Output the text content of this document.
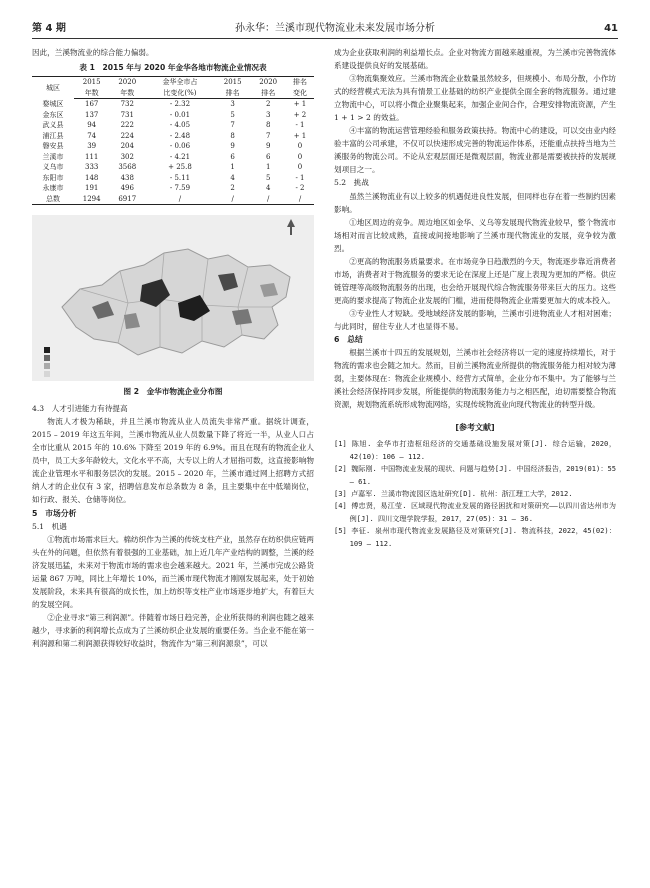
第 4 期	孙永华：兰溪市现代物流业未来发展市场分析	41

因此，兰溪物流业的综合能力偏弱。

表 1　2015 年与 2020 年金华各地市物流企业情况表
城区	2015	2020	金华全市占	2015	2020	排名
	年数	年数	比变化(%)	排名	排名	变化
婺城区	167	732	- 2.32	3	2	+ 1
金东区	137	731	- 0.01	5	3	+ 2
武义县	94	222	- 4.05	7	8	- 1
浦江县	74	224	- 2.48	8	7	+ 1
磐安县	39	204	- 0.06	9	9	0
兰溪市	111	302	- 4.21	6	6	0
义乌市	333	3568	+ 25.8	1	1	0
东阳市	148	438	- 5.11	4	5	- 1
永康市	191	496	- 7.59	2	4	- 2
总数	1294	6917	/	/	/	/
图 2　金华市物流企业分布图
4.3　人才引进能力有待提高

物流人才极为稀缺，并且兰溪市物流从业人员流失非常严重。据统计调查，2015 – 2019 年这五年间，兰溪市物流从业人员数量下降了将近一半，从业人口占全市比重从 2015 年的 10.6% 下降至 2019 年的 6.9%。而且在现有的物流企业人员中，员工大多年龄较大，文化水平不高，大专以上的人才屈指可数，这直接影响物流企业管理水平和服务层次的发展。2015 – 2020 年，兰溪市通过网上招聘方式招纳人才的企业仅有 3 家，招聘信息发布总条数为 8 条，且主要集中在中低端岗位，如行政、报关、仓储等岗位。

5　市场分析
5.1　机遇

①物流市场需求巨大。棉纺织作为兰溪的传统支柱产业，虽然存在纺织供应链两头在外的问题，但依然有着很强的工业基础，加上近几年产业结构的调整，兰溪的经济发展迅猛，未来对于物流市场的需求也会越来越大。2021 年，兰溪市完成公路货运量 867 万吨，同比上年增长 10%，而兰溪市现代物流才刚刚发展起来，处于初始发展阶段，未来具有很高的成长性，加上纺织等支柱产业市场逐步地扩大，有着巨大的发展空间。

②企业寻求“第三利润源”。伴随着市场日趋完善，企业所获得的利润也随之越来越少，寻求新的利润增长点成为了兰溪纺织企业发展的重要任务。当企业不能在第一利润源和第二利润源获得较好收益时，物流作为“第三利润源泉”，可以

成为企业获取利润的利益增长点。企业对物流方面越来越重视，为兰溪市完善物流体系建设提供良好的发展基础。

③物流集聚效应。兰溪市物流企业数量虽然较多，但规模小、布局分散，小作坊式的经营模式无法为具有情景工业基础的纺织产业提供全面全套的物流服务。通过建立物流中心，可以将小微企业聚集起来，加强企业间合作，合理安排物流资源，产生 1 + 1 > 2 的效益。

④丰富的物流运营管理经验和服务政策扶持。物流中心的建设，可以交由业内经验丰富的公司承建，不仅可以快速形成完善的物流运作体系，还能重点扶持当地为兰溪服务的物流公司。不论从宏观层面还是微观层面，物流业都是需要被扶持的发展规划项目之一。

5.2　挑战

虽然兰溪物流业有以上较多的机遇促进良性发展，但同样也存在着一些制约因素影响。

①地区周边的竞争。周边地区如金华、义乌等发展现代物流业较早，整个物流市场相对而言比较成熟，直接或间接地影响了兰溪市现代物流业的发展，竞争较为激烈。

②更高的物流服务质量要求。在市场竞争日趋激烈的今天，物流逐步靠近消费者市场，消费者对于物流服务的要求无论在深度上还是广度上表现为更加的严格。供应链管理等高级物流服务的出现，也会给开展现代综合物流服务带来巨大的压力。这些更高的要求提高了物流企业发展的门槛，进而使得物流企业需要更加大的成本投入。

③专业性人才短缺。受地域经济发展的影响，兰溪市引进物流业人才相对困难；与此同时，留住专业人才也显得不易。

6　总结

根据兰溪市十四五的发展规划，兰溪市社会经济将以一定的速度持续增长，对于物流的需求也会随之加大。然而，目前兰溪物流业所提供的物流服务能力相对较为薄弱，主要体现在：物流企业规模小、经营方式简单，企业分布不集中。为了能够与兰溪社会经济保持同步发展，所能提供的物流服务能力与之相匹配，迫切需要整合物流资源，规划物流系统形成物流网络，实现传统物流业向现代物流业的转型升级。

[参考文献]

[1] 陈旭. 金华市打造枢纽经济的交通基础设施发展对策[J]. 综合运输，2020，42(10)：106 – 112.

[2] 魏际刚. 中国物流业发展的现状、问题与趋势[J]. 中国经济报告，2019(01)：55 – 61.

[3] 卢嘉军. 兰溪市物流园区选址研究[D]. 杭州：浙江理工大学，2012.

[4] 傅忠贤，易江莹. 区域现代物流业发展的路径困扰和对策研究——以四川省达州市为例[J]. 四川文理学院学报，2017，27(05)：31 – 36.

[5] 李征. 泉州市现代物流业发展路径及对策研究[J]. 物流科技，2022，45(02)：109 – 112.
